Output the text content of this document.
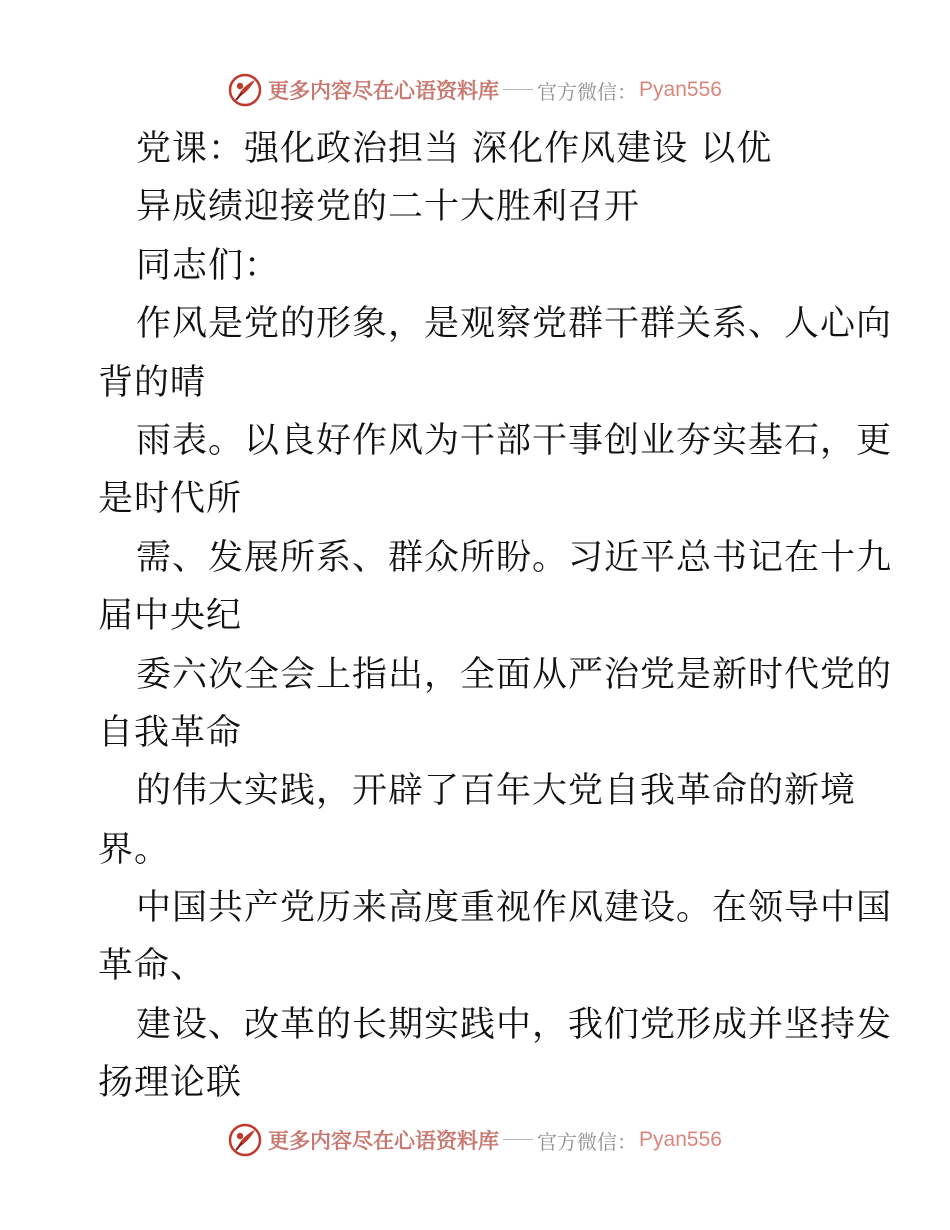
更多内容尽在心语资料库 官方微信： Pyan556
党课：强化政治担当 深化作风建设 以优
异成绩迎接党的二十大胜利召开
同志们：
作风是党的形象，是观察党群干群关系、人心向
背的晴
雨表。以良好作风为干部干事创业夯实基石，更
是时代所
需、发展所系、群众所盼。习近平总书记在十九
届中央纪
委六次全会上指出，全面从严治党是新时代党的
自我革命
的伟大实践，开辟了百年大党自我革命的新境
界。
中国共产党历来高度重视作风建设。在领导中国
革命、
建设、改革的长期实践中，我们党形成并坚持发
扬理论联
更多内容尽在心语资料库 官方微信： Pyan556
